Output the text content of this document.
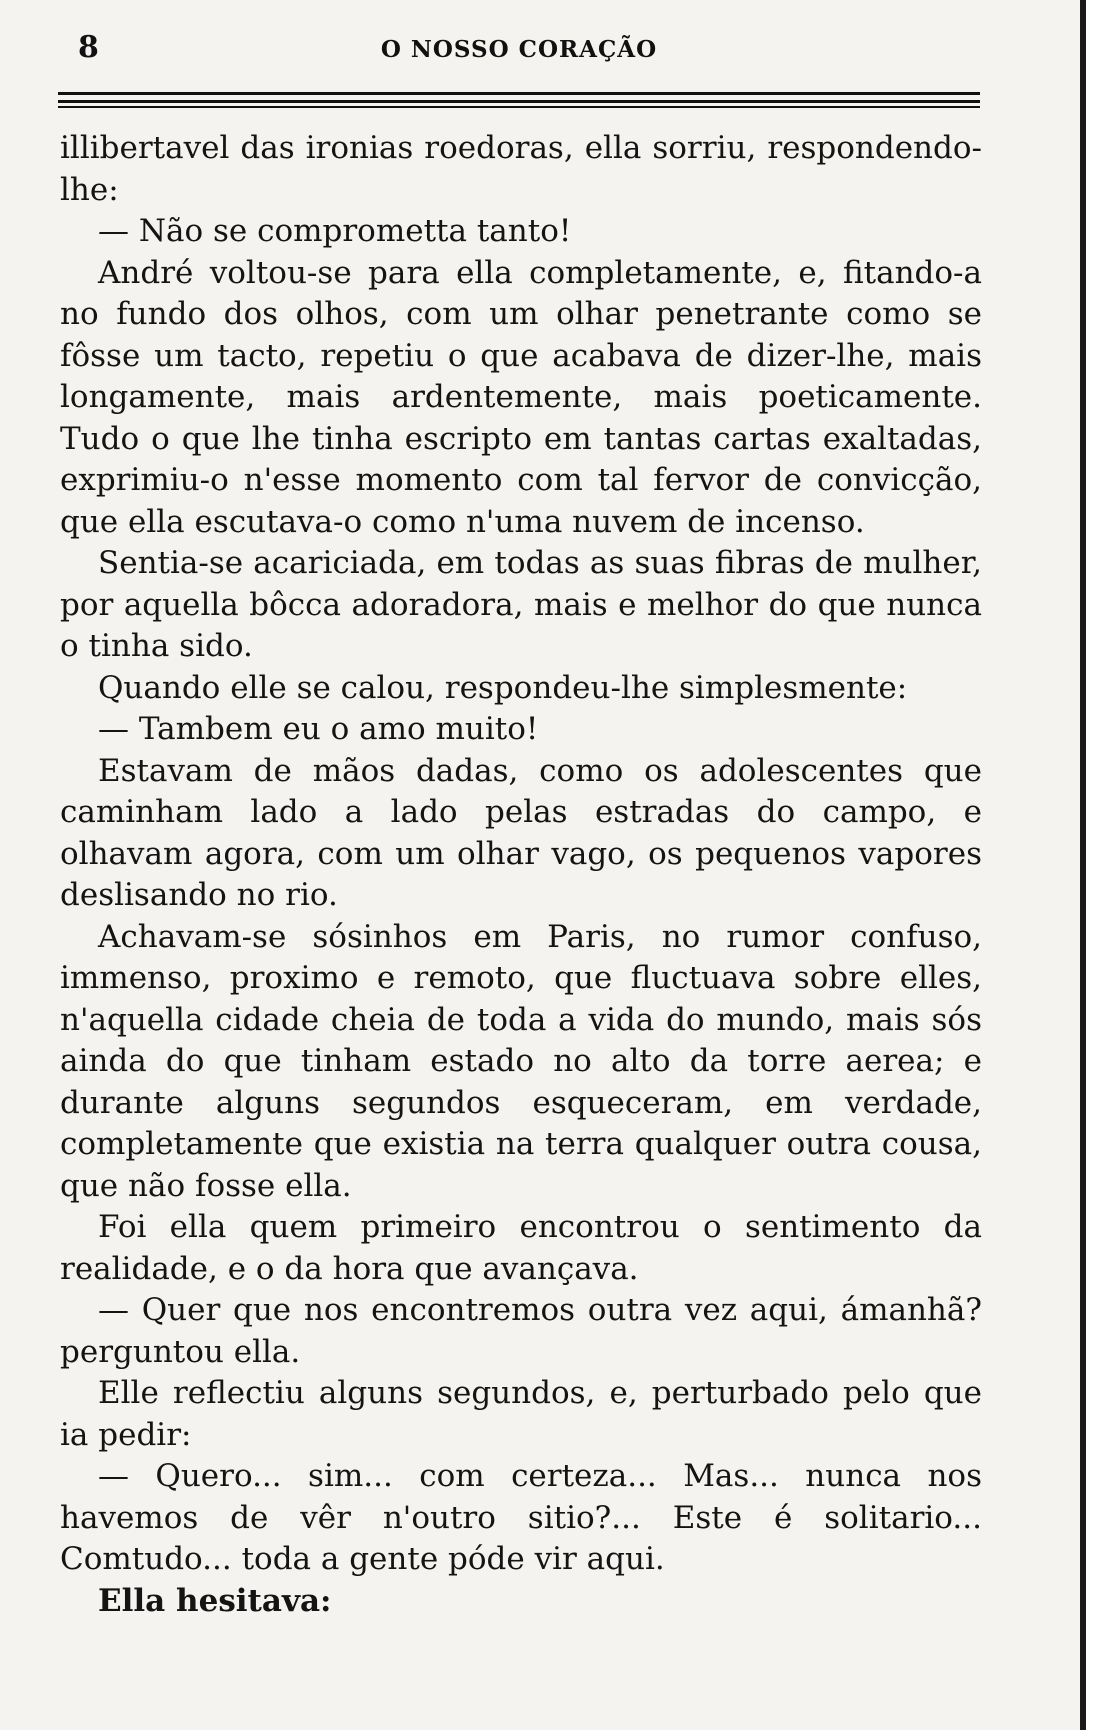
8	O NOSSO CORAÇÃO

illibertavel das ironias roedoras, ella sorriu, respondendo-lhe:

— Não se comprometta tanto!

André voltou-se para ella completamente, e, fitando-a no fundo dos olhos, com um olhar penetrante como se fôsse um tacto, repetiu o que acabava de dizer-lhe, mais longamente, mais ardentemente, mais poeticamente. Tudo o que lhe tinha escripto em tantas cartas exaltadas, exprimiu-o n'esse momento com tal fervor de convicção, que ella escutava-o como n'uma nuvem de incenso.

Sentia-se acariciada, em todas as suas fibras de mulher, por aquella bôcca adoradora, mais e melhor do que nunca o tinha sido.

Quando elle se calou, respondeu-lhe simplesmente:

— Tambem eu o amo muito!

Estavam de mãos dadas, como os adolescentes que caminham lado a lado pelas estradas do campo, e olhavam agora, com um olhar vago, os pequenos vapores deslisando no rio.

Achavam-se sósinhos em Paris, no rumor confuso, immenso, proximo e remoto, que fluctuava sobre elles, n'aquella cidade cheia de toda a vida do mundo, mais sós ainda do que tinham estado no alto da torre aerea; e durante alguns segundos esqueceram, em verdade, completamente que existia na terra qualquer outra cousa, que não fosse ella.

Foi ella quem primeiro encontrou o sentimento da realidade, e o da hora que avançava.

— Quer que nos encontremos outra vez aqui, ámanhã? perguntou ella.

Elle reflectiu alguns segundos, e, perturbado pelo que ia pedir:

— Quero... sim... com certeza... Mas... nunca nos havemos de vêr n'outro sitio?... Este é solitario... Comtudo... toda a gente póde vir aqui.

Ella hesitava:
